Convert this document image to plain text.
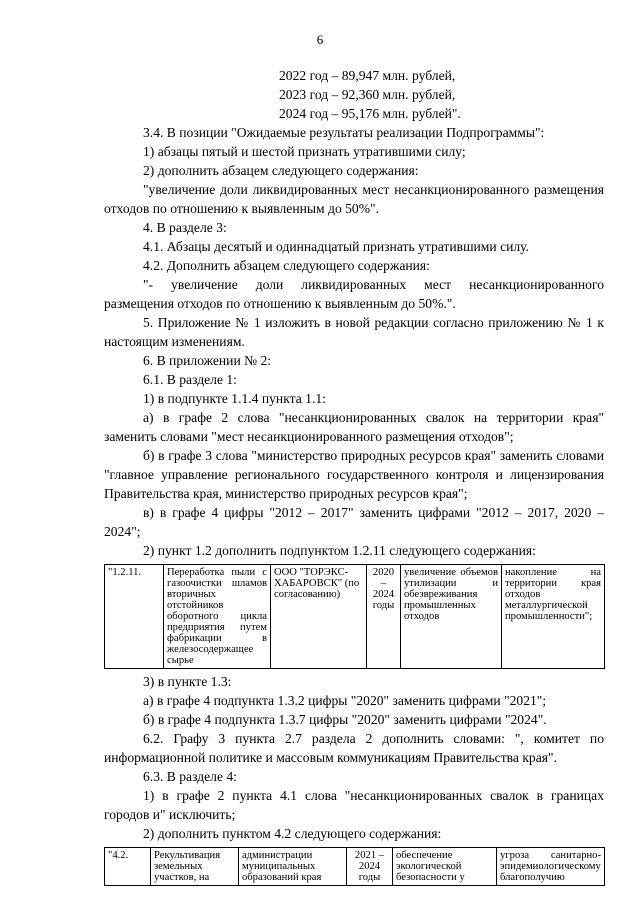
6

2022 год – 89,947 млн. рублей,

2023 год – 92,360 млн. рублей,

2024 год – 95,176 млн. рублей".

3.4. В позиции "Ожидаемые результаты реализации Подпрограммы":

1) абзацы пятый и шестой признать утратившими силу;

2) дополнить абзацем следующего содержания:

"увеличение доли ликвидированных мест несанкционированного размещения отходов по отношению к выявленным до 50%".

4. В разделе 3:

4.1. Абзацы десятый и одиннадцатый признать утратившими силу.

4.2. Дополнить абзацем следующего содержания:

"- увеличение доли ликвидированных мест несанкционированного размещения отходов по отношению к выявленным до 50%.".

5. Приложение № 1 изложить в новой редакции согласно приложению № 1 к настоящим изменениям.

6. В приложении № 2:

6.1. В разделе 1:

1) в подпункте 1.1.4 пункта 1.1:

а) в графе 2 слова "несанкционированных свалок на территории края" заменить словами "мест несанкционированного размещения отходов";

б) в графе 3 слова "министерство природных ресурсов края" заменить словами "главное управление регионального государственного контроля и лицензирования Правительства края, министерство природных ресурсов края";

в) в графе 4 цифры "2012 – 2017" заменить цифрами "2012 – 2017, 2020 – 2024";

2) пункт 1.2 дополнить подпунктом 1.2.11 следующего содержания:

"1.2.11.	Переработка пыли с газоочистки шламов вторичных отстойников оборотного цикла предприятия путем фабрикации в железосодержащее сырье	ООО "ТОРЭКС-ХАБАРОВСК" (по согласованию)	2020 – 2024 годы	увеличение объемов утилизации и обезвреживания промышленных отходов	накопление на территории края отходов металлургической промышленности";

3) в пункте 1.3:

а) в графе 4 подпункта 1.3.2 цифры "2020" заменить цифрами "2021";

б) в графе 4 подпункта 1.3.7 цифры "2020" заменить цифрами "2024".

6.2. Графу 3 пункта 2.7 раздела 2 дополнить словами: ", комитет по информационной политике и массовым коммуникациям Правительства края".

6.3. В разделе 4:

1) в графе 2 пункта 4.1 слова "несанкционированных свалок в границах городов и" исключить;

2) дополнить пунктом 4.2 следующего содержания:

"4.2.	Рекультивация земельных участков, на	администрации муниципальных образований края	2021 – 2024 годы	обеспечение экологической безопасности у	угроза санитарно-эпидемиологическому благополучию
